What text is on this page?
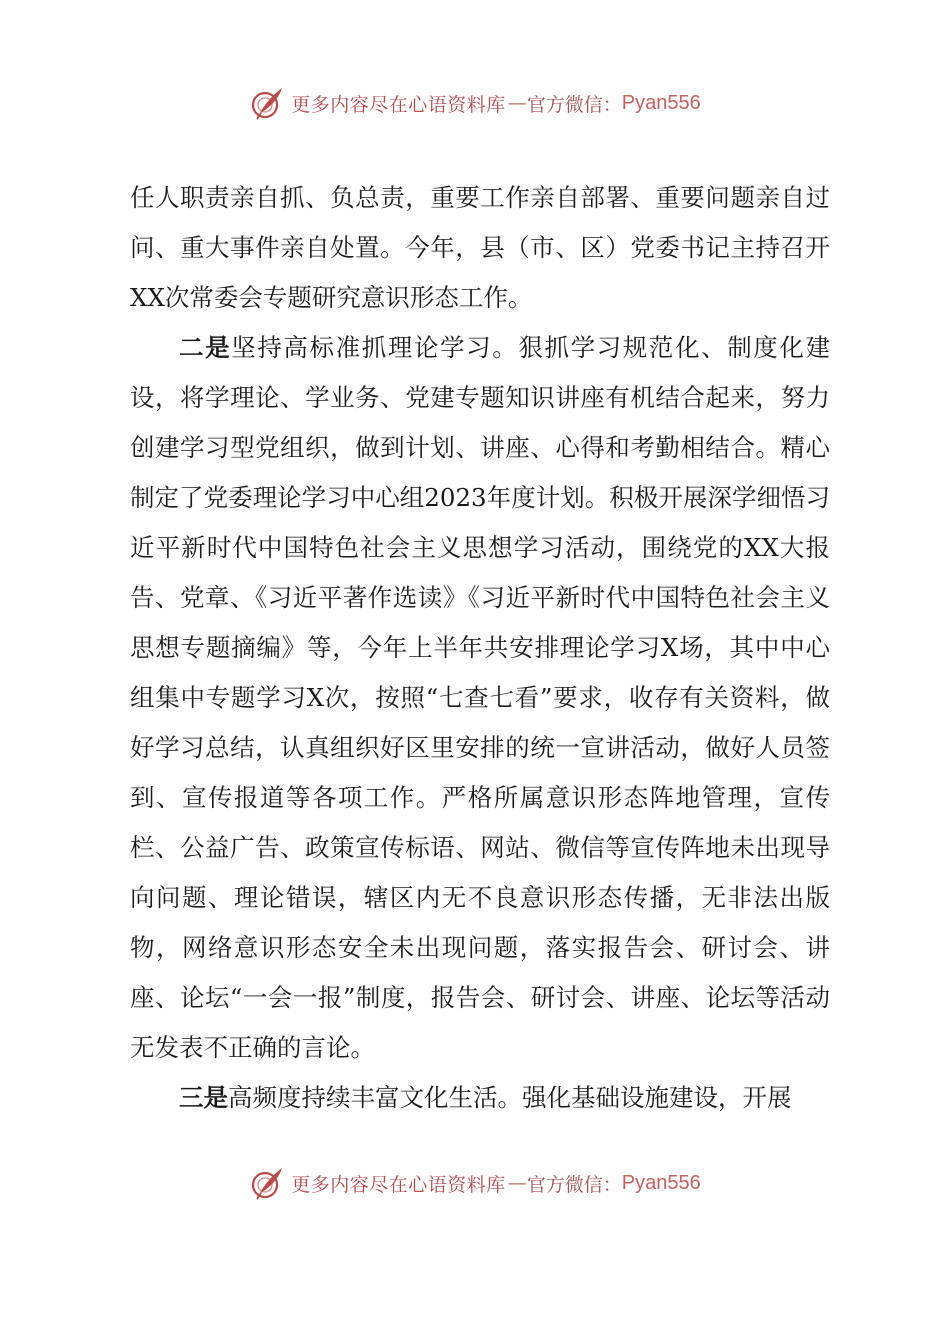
更多内容尽在心语资料库 — 官方微信： Pyan556

任人职责亲自抓、负总责，重要工作亲自部署、重要问题亲自过问、重大事件亲自处置。今年，县（市、区）党委书记主持召开XX次常委会专题研究意识形态工作。

二是坚持高标准抓理论学习。狠抓学习规范化、制度化建设，将学理论、学业务、党建专题知识讲座有机结合起来，努力创建学习型党组织，做到计划、讲座、心得和考勤相结合。精心制定了党委理论学习中心组2023年度计划。积极开展深学细悟习近平新时代中国特色社会主义思想学习活动，围绕党的XX大报告、党章、《习近平著作选读》《习近平新时代中国特色社会主义思想专题摘编》等，今年上半年共安排理论学习X场，其中中心组集中专题学习X次，按照“七查七看”要求，收存有关资料，做好学习总结，认真组织好区里安排的统一宣讲活动，做好人员签到、宣传报道等各项工作。严格所属意识形态阵地管理，宣传栏、公益广告、政策宣传标语、网站、微信等宣传阵地未出现导向问题、理论错误，辖区内无不良意识形态传播，无非法出版物，网络意识形态安全未出现问题，落实报告会、研讨会、讲座、论坛“一会一报”制度，报告会、研讨会、讲座、论坛等活动无发表不正确的言论。

三是高频度持续丰富文化生活。强化基础设施建设，开展

更多内容尽在心语资料库 — 官方微信： Pyan556
